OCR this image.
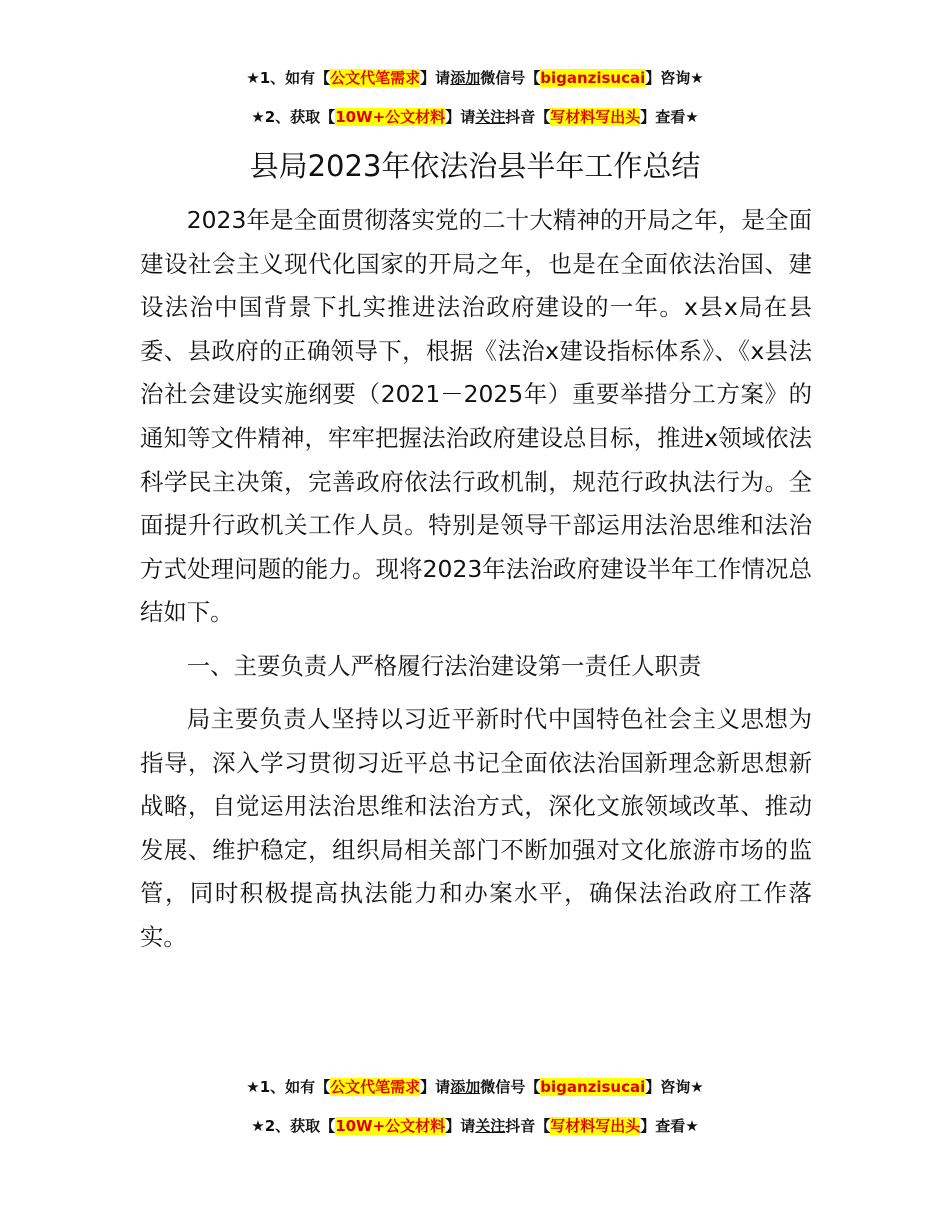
★1、如有【公文代笔需求】请添加微信号【biganzisucai】咨询★
★2、获取【10W+公文材料】请关注抖音【写材料写出头】查看★
县局2023年依法治县半年工作总结

2023年是全面贯彻落实党的二十大精神的开局之年，是全面建设社会主义现代化国家的开局之年，也是在全面依法治国、建设法治中国背景下扎实推进法治政府建设的一年。x县x局在县委、县政府的正确领导下，根据《法治x建设指标体系》、《x县法治社会建设实施纲要（2021－2025年）重要举措分工方案》的通知等文件精神，牢牢把握法治政府建设总目标，推进x领域依法科学民主决策，完善政府依法行政机制，规范行政执法行为。全面提升行政机关工作人员。特别是领导干部运用法治思维和法治方式处理问题的能力。现将2023年法治政府建设半年工作情况总结如下。

一、主要负责人严格履行法治建设第一责任人职责

局主要负责人坚持以习近平新时代中国特色社会主义思想为指导，深入学习贯彻习近平总书记全面依法治国新理念新思想新战略，自觉运用法治思维和法治方式，深化文旅领域改革、推动发展、维护稳定，组织局相关部门不断加强对文化旅游市场的监管，同时积极提高执法能力和办案水平，确保法治政府工作落实。

★1、如有【公文代笔需求】请添加微信号【biganzisucai】咨询★
★2、获取【10W+公文材料】请关注抖音【写材料写出头】查看★
